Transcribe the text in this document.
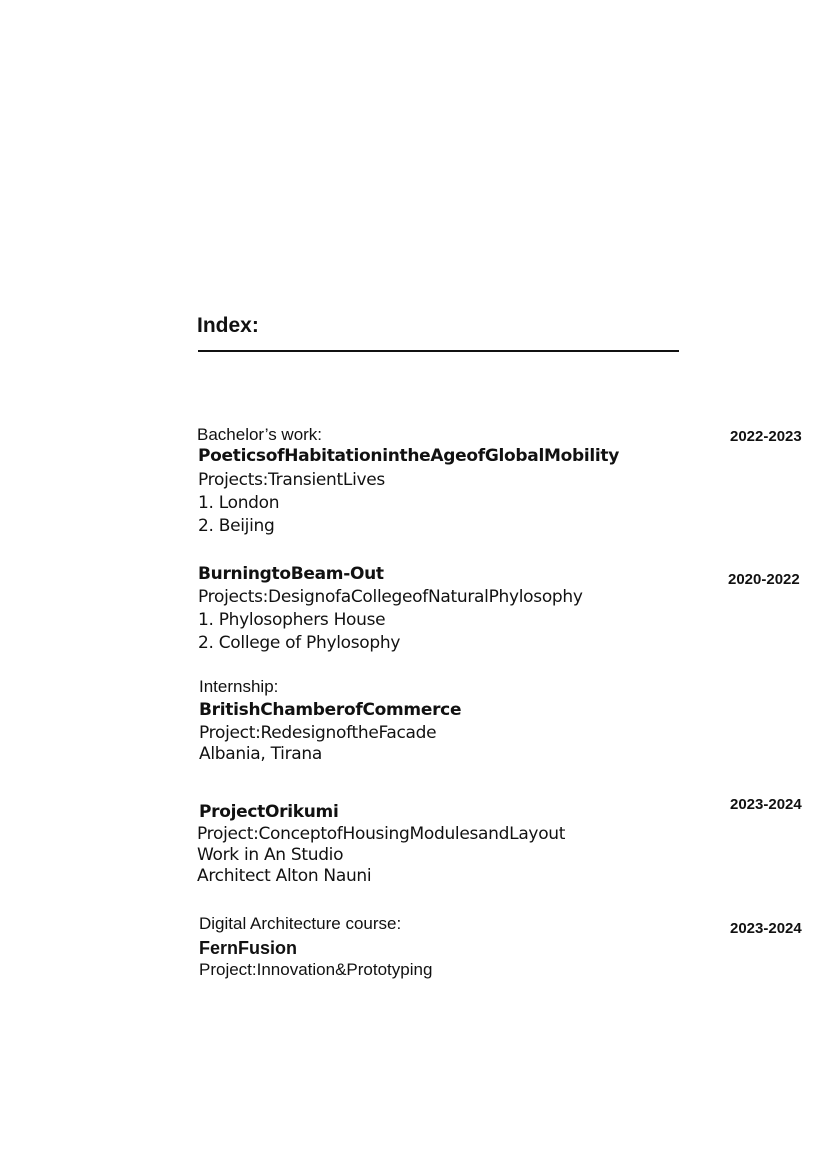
Index:
Bachelor’s work:
PoeticsofHabitationintheAgeofGlobalMobility
Projects:TransientLives
1. London
2. Beijing
2022-2023
BurningtoBeam-Out
Projects:DesignofaCollegeofNaturalPhylosophy
1. Phylosophers House
2. College of Phylosophy
2020-2022
Internship:
BritishChamberofCommerce
Project:RedesignoftheFacade
Albania, Tirana
ProjectOrikumi
Project:ConceptofHousingModulesandLayout
Work in An Studio
Architect Alton Nauni
2023-2024
Digital Architecture course:
FernFusion
Project:Innovation&Prototyping
2023-2024
